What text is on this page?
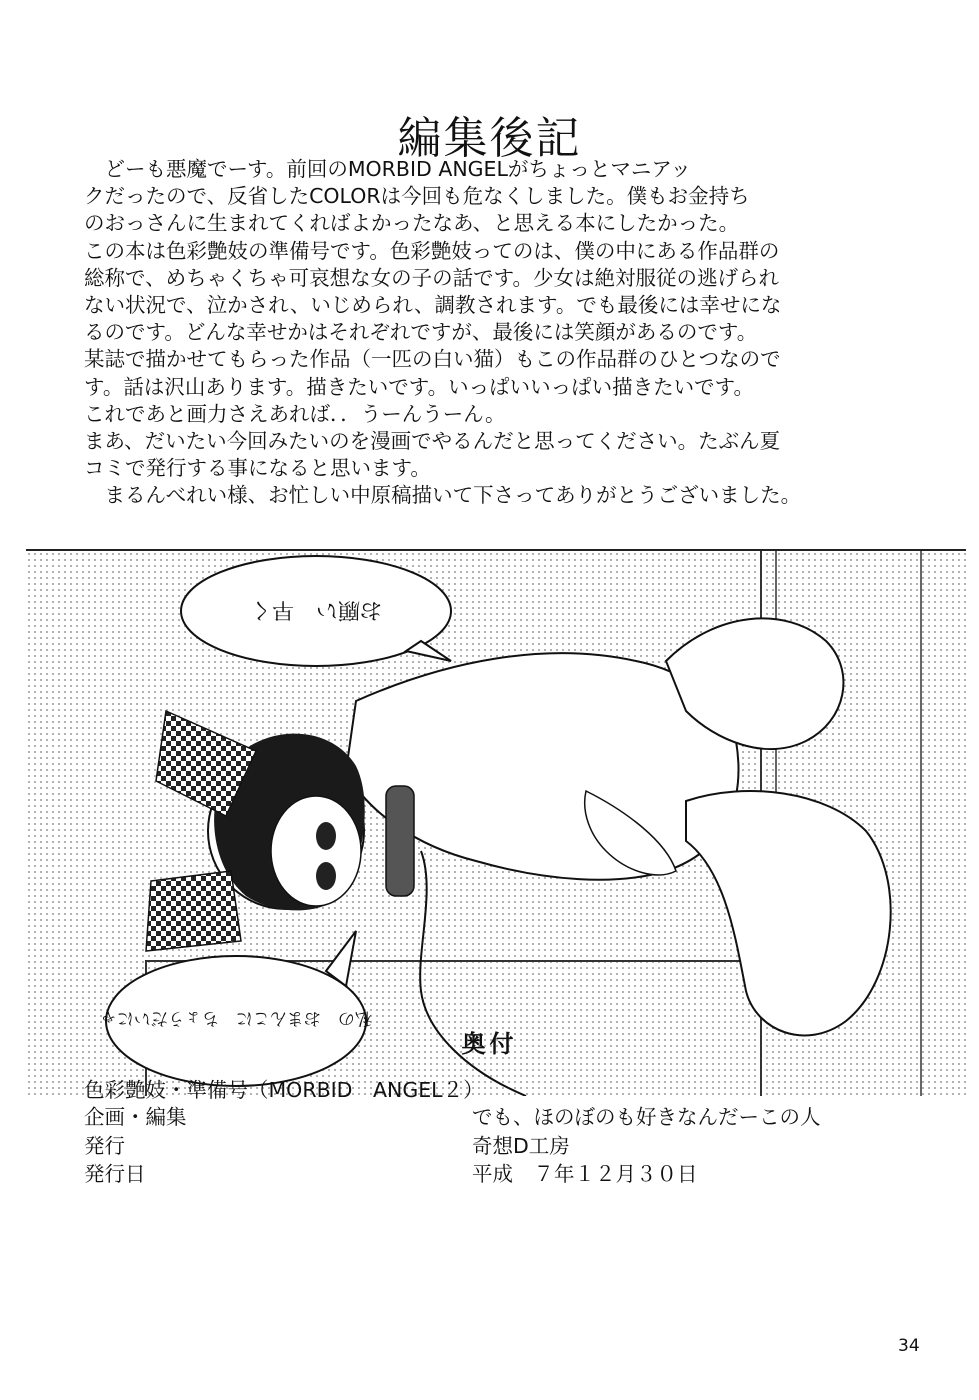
編集後記
　どーも悪魔でーす。前回のMORBID ANGELがちょっとマニアッ
クだったので、反省したCOLORは今回も危なくしました。僕もお金持ち
のおっさんに生まれてくればよかったなあ、と思える本にしたかった。
この本は色彩艶妓の準備号です。色彩艶妓ってのは、僕の中にある作品群の
総称で、めちゃくちゃ可哀想な女の子の話です。少女は絶対服従の逃げられ
ない状況で、泣かされ、いじめられ、調教されます。でも最後には幸せにな
るのです。どんな幸せかはそれぞれですが、最後には笑顔があるのです。
某誌で描かせてもらった作品（一匹の白い猫）もこの作品群のひとつなので
す。話は沢山あります。描きたいです。いっぱいいっぱい描きたいです。
これであと画力さえあれば．．うーんうーん。
まあ、だいたい今回みたいのを漫画でやるんだと思ってください。たぶん夏
コミで発行する事になると思います。
　まるんべれい様、お忙しい中原稿描いて下さってありがとうございました。
お願い　早く
私の　おまんこに　ちょうだいにゃ
奥付
色彩艶妓・準備号（MORBID　ANGEL２）
企画・編集	でも、ほのぼのも好きなんだーこの人
発行	奇想D工房
発行日	平成　７年１２月３０日
34
